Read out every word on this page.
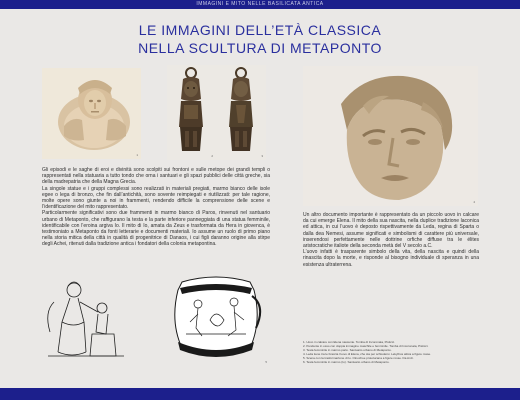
IMMAGINI E MITO NELLE BASILICATA ANTICA
LE IMMAGINI DELL’ETÀ CLASSICA
NELLA SCULTURA DI METAPONTO
1	2	3
4

Gli episodi e le saghe di eroi e divinità sono scolpiti sui frontoni e sulle metope dei grandi templi o rappresentati nella statuaria a tutto tondo che orna i santuari e gli spazi pubblici delle città greche, sia della madrepatria che della Magna Grecia.

La singole statue e i gruppi complessi sono realizzati in materiali pregiati, marmo bianco delle isole egee o lega di bronzo, che fin dall’antichità, sono sovente reimpiegati e riutilizzati: per tale ragione, molte opere sono giunte a noi in frammenti, rendendo difficile la comprensione delle scene e l’identificazione del mito rappresentato.

Particolarmente significativi sono due frammenti in marmo bianco di Paros, rinvenuti nel santuario urbano di Metaponto, che raffigurano la testa e la parte inferiore panneggiata di una statua femminile, identificabile con l’eroina argiva Io. Il mito di Io, amata da Zeus e trasformata da Hera in giovenca, è testimoniato a Metaponto da fonti letterarie e documenti materiali. Io assume un ruolo di primo piano nella storia mitica della città in qualità di progenitrice di Danaos, i cui figli daranno origine alla stirpe degli Achei, ritenuti dalla tradizione antica i fondatori della colonia metapontina.

Un altro documento importante è rappresentato da un piccolo uovo in calcare da cui emerge Elena. Il mito della sua nascita, nella duplice tradizione laconica ed attica, in cui l’uovo è deposto rispettivamente da Leda, regina di Sparta o dalla dea Nemesi, assume significati e simbolismi di carattere più universale, inserendosi perfettamente nelle dottrine orfiche diffuse tra le élites aristocratiche italiote della seconda metà del V secolo a.C.

L’uovo infatti è trasparente simbolo della vita, della nascita e quindi della rinascita dopo la morte, e risponde al bisogno individuale di speranza in una esistenza ultraterrena.

5
1. Uovo in calcare con Elena nascente. Tomba di Incoronata, Pisticci.
2. Pendente in osso con doppia immagine maschile e femminile. Tomba di Incoronata, Pisticci.
3. Testa femminile in marmo pario. Santuario urbano di Metaponto.
4. Leda tiene tra le braccia l'uovo di Elena, che sta per schiudersi. Lekythos attica a figure rosse.
5. Scena con la trasformazione di Io. Oinochoe protolucana a figure rosse. Da Anzi.
6. Testa femminile in marmo (Io). Santuario urbano di Metaponto.
